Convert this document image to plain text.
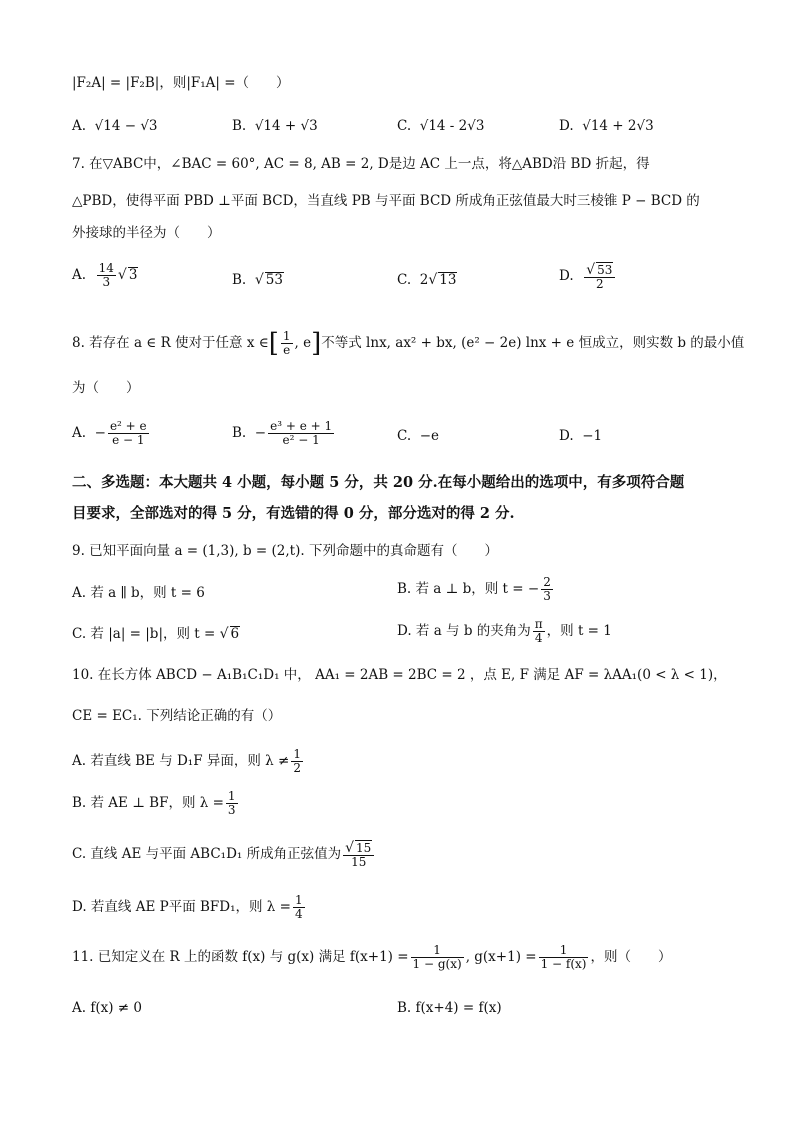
|F₂A| = |F₂B|，则|F₁A| =（　　）
A. √14 − √3	B. √14 + √3	C. √14 - 2√3	D. √14 + 2√3
7. 在▽ABC中，∠BAC = 60°, AC = 8, AB = 2, D是边 AC 上一点，将△ABD沿 BD 折起，得
△PBD，使得平面 PBD ⊥平面 BCD，当直线 PB 与平面 BCD 所成角正弦值最大时三棱锥 P − BCD 的
外接球的半径为（　　）
A. $\frac{14}{3}$ √ 3	B. √ 53	C. 2√ 13	D. $\frac{√ 53}{2}$
8. 若存在 a ∈ R 使对于任意 x ∈[ $\frac{1}{e}$ , e]不等式 lnx, ax² + bx, (e² − 2e) lnx + e 恒成立，则实数 b 的最小值
为（　　）
A.  − $\frac{\text{e² + e}}{e - 1}$	B.  − $\frac{\text{e³ + e + 1}}{\text{e² − 1}}$	C. −e	D. −1
二、多选题：本大题共 4 小题，每小题 5 分，共 20 分.在每小题给出的选项中，有多项符合题
目要求，全部选对的得 5 分，有选错的得 0 分，部分选对的得 2 分.
9. 已知平面向量 a = (1,3), b = (2,t). 下列命题中的真命题有（　　）
A. 若 a ∥ b，则 t = 6	B. 若 a ⊥ b，则 t = − $\frac{2}{3}$
C. 若 |a| = |b|，则 t = √ 6	D. 若 a 与 b 的夹角为 $\frac{\pi}{4}$ ，则 t = 1
10. 在长方体 ABCD − A₁B₁C₁D₁ 中， AA₁ = 2AB = 2BC = 2 ，点 E, F 满足 AF = λAA₁(0 < λ < 1)，
CE = EC₁. 下列结论正确的有（）
A. 若直线 BE 与 D₁F 异面，则 $\lambda \ne \frac{1}{2}$
B. 若 AE ⊥ BF，则 $\lambda = \frac{1}{3}$
C. 直线 AE 与平面 ABC₁D₁ 所成角正弦值为 $\frac{√ 15}{15}$
D. 若直线 AE P平面 BFD₁，则 $\lambda = \frac{1}{4}$
11. 已知定义在 R 上的函数 f(x) 与 g(x) 满足 $f(x+1) = \frac{1}{1 - g(x)}$ , $g(x+1) = \frac{1}{1 - f(x)}$ ，则（　　）
A. f(x) ≠ 0	B. f(x+4) = f(x)
